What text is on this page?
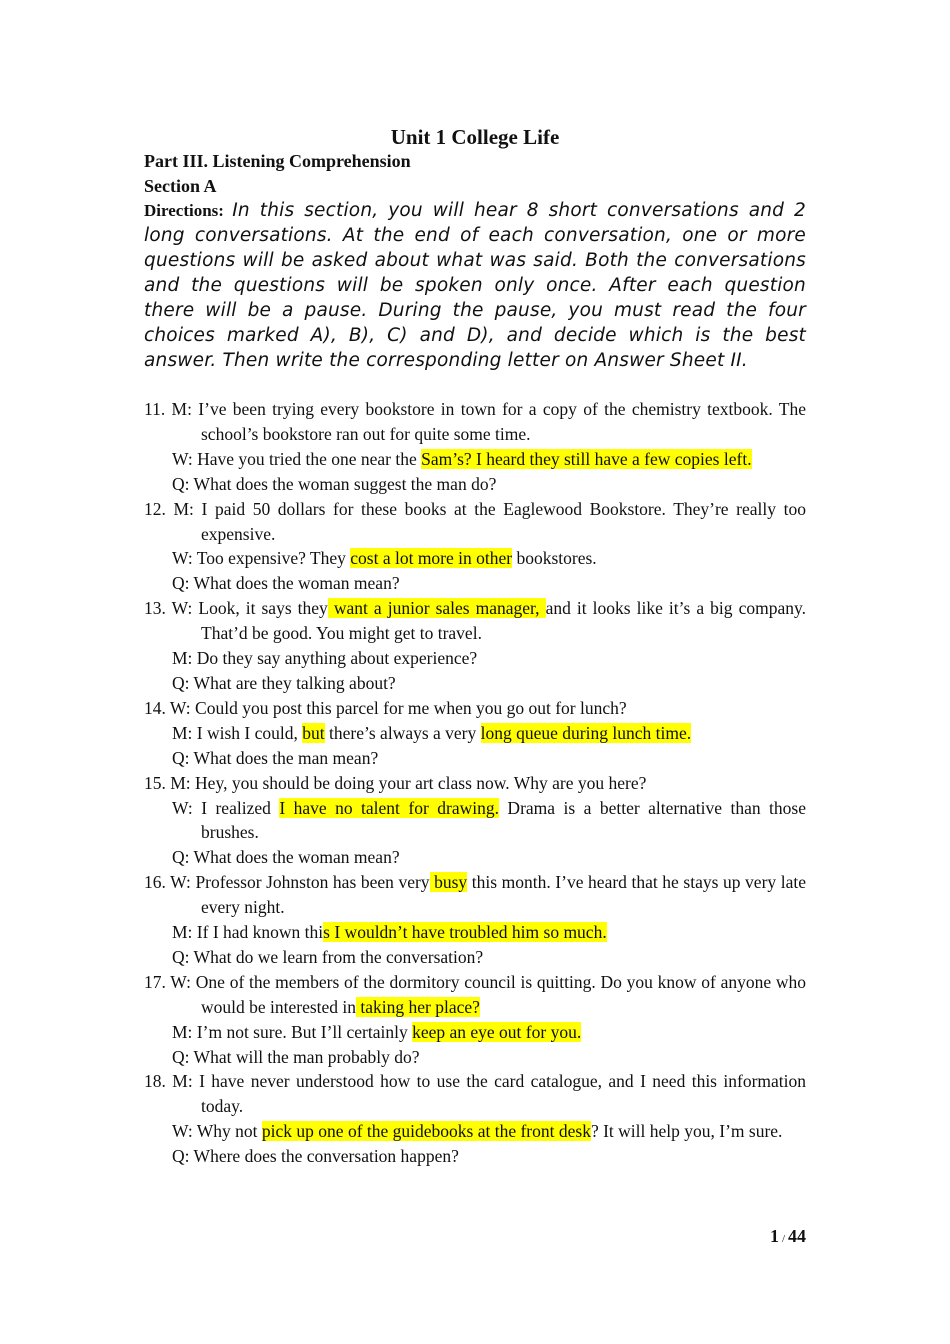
Unit 1 College Life
Part III. Listening Comprehension
Section A
Directions: In this section, you will hear 8 short conversations and 2 long conversations. At the end of each conversation, one or more questions will be asked about what was said. Both the conversations and the questions will be spoken only once. After each question there will be a pause. During the pause, you must read the four choices marked A), B), C) and D), and decide which is the best answer. Then write the corresponding letter on Answer Sheet II.
11. M: I’ve been trying every bookstore in town for a copy of the chemistry textbook. The school’s bookstore ran out for quite some time.
W: Have you tried the one near the Sam’s? I heard they still have a few copies left.
Q: What does the woman suggest the man do?
12. M: I paid 50 dollars for these books at the Eaglewood Bookstore. They’re really too expensive.
W: Too expensive? They cost a lot more in other bookstores.
Q: What does the woman mean?
13. W: Look, it says they want a junior sales manager, and it looks like it’s a big company. That’d be good. You might get to travel.
M: Do they say anything about experience?
Q: What are they talking about?
14. W: Could you post this parcel for me when you go out for lunch?
M: I wish I could, but there’s always a very long queue during lunch time.
Q: What does the man mean?
15. M: Hey, you should be doing your art class now. Why are you here?
W: I realized I have no talent for drawing. Drama is a better alternative than those brushes.
Q: What does the woman mean?
16. W: Professor Johnston has been very busy this month. I’ve heard that he stays up very late every night.
M: If I had known this I wouldn’t have troubled him so much.
Q: What do we learn from the conversation?
17. W: One of the members of the dormitory council is quitting. Do you know of anyone who would be interested in taking her place?
M: I’m not sure. But I’ll certainly keep an eye out for you.
Q: What will the man probably do?
18. M: I have never understood how to use the card catalogue, and I need this information today.
W: Why not pick up one of the guidebooks at the front desk? It will help you, I’m sure.
Q: Where does the conversation happen?
1 / 44
